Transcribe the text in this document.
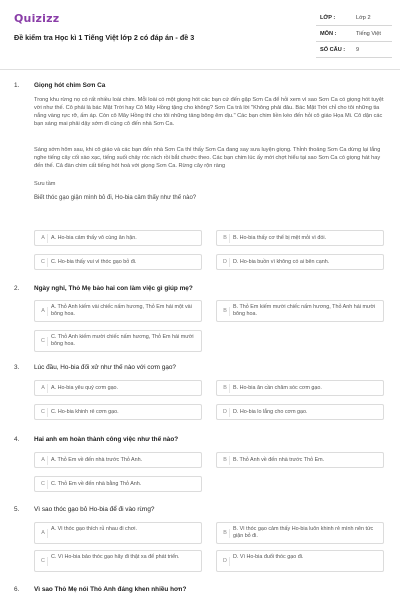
Quizizz
Đề kiểm tra Học kì 1 Tiếng Việt lớp 2 có đáp án - đề 3
LỚP :	Lớp 2
MÔN :	Tiếng Việt
SỐ CÂU : 9
1. Giọng hót chim Sơn Ca
Trong khu rừng nọ có rất nhiều loài chim. Mỗi loài có một giọng hót các bạn cứ đến gặp Sơn Ca để hỏi xem vì sao Sơn Ca có giọng hót tuyệt vời như thế. Cô phải là bác Mặt Trời hay Cô Mây Hồng tặng cho không? Sơn Ca trả lời "Không phải đâu. Bác Mặt Trời chỉ cho tôi những tia nắng vàng rực rỡ, ấm áp. Còn cô Mây Hồng thì cho tôi những tảng bông êm dịu." Các bạn chim liền kéo đến hỏi cô giáo Họa Mi. Cô dặn các bạn sáng mai phải dậy sớm đi cùng cô đến nhà Sơn Ca.
Sáng sớm hôm sau, khi cô giáo và các bạn đến nhà Sơn Ca thì thấy Sơn Ca đang say sưa luyện giọng. Thỉnh thoảng Sơn Ca dừng lại lắng nghe tiếng cây cối xào xạc, tiếng suối chảy róc rách rồi bắt chước theo. Các bạn chim lúc ấy mới chợt hiểu tại sao Sơn Ca có giọng hát hay đến thế. Cả đàn chim cất tiếng hót hoà với giọng Sơn Ca. Rừng cây rộn ràng
Sưu tầm
Biết thóc gạo giận mình bỏ đi, Ho-bia cảm thấy như thế nào?
A	A. Ho-bia cảm thấy vô cùng ân hận.	B	B. Ho-bia thấy cơ thể bị mệt mỏi vì đói.
C	C. Ho-bia thấy vui vì thóc gạo bỏ đi.	D	D. Ho-bia buồn vì không có ai bên cạnh.
2. Ngày nghỉ, Thỏ Mẹ bảo hai con làm việc gì giúp mẹ?
A
A. Thỏ Anh kiếm vài chiếc nấm hương, Thỏ Em hái một vài bông hoa.	B
B. Thỏ Em kiếm mười chiếc nấm hương, Thỏ Anh hái mười bông hoa.
C
C. Thỏ Anh kiếm mười chiếc nấm hương, Thỏ Em hái mười bông hoa.
3. Lúc đầu, Ho-bia đối xử như thế nào với cơm gạo?
A	A. Ho-bia yêu quý cơm gạo.	B	B. Ho-bia ăn cần chăm sóc cơm gạo.
C	C. Ho-bia khinh rẻ cơm gạo.	D	D. Ho-bia lo lắng cho cơm gạo.
4. Hai anh em hoàn thành công việc như thế nào?
A	A. Thỏ Em về đến nhà trước Thỏ Anh.	B	B. Thỏ Anh về đến nhà trước Thỏ Em.
C	C. Thỏ Em về đến nhà bằng Thỏ Anh.
5. Vì sao thóc gạo bỏ Ho-bia để đi vào rừng?
A
A. Vì thóc gạo thích rủ nhau đi chơi.
B
B. Vì thóc gạo cảm thấy Ho-bia luôn khinh rẻ mình nên tức giận bỏ đi.
C
C. Vì Ho-bia bảo thóc gạo hãy đi thật xa để phát triển.
D
D. Vì Ho-bia đuổi thóc gạo đi.
6. Vì sao Thỏ Mẹ nói Thỏ Anh đáng khen nhiều hơn?
